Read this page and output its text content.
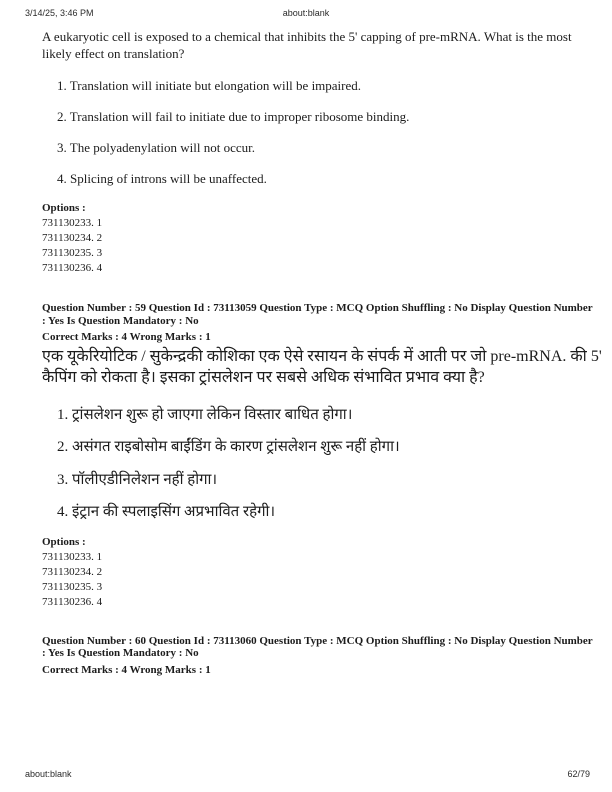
3/14/25, 3:46 PM	about:blank
A eukaryotic cell is exposed to a chemical that inhibits the 5' capping of pre-mRNA. What is the most likely effect on translation?
1. Translation will initiate but elongation will be impaired.
2. Translation will fail to initiate due to improper ribosome binding.
3. The polyadenylation will not occur.
4. Splicing of introns will be unaffected.
Options :
731130233. 1
731130234. 2
731130235. 3
731130236. 4
Question Number : 59 Question Id : 73113059 Question Type : MCQ Option Shuffling : No Display Question Number : Yes Is Question Mandatory : No
Correct Marks : 4 Wrong Marks : 1
एक यूकेरियोटिक / सुकेन्द्रकी कोशिका एक ऐसे रसायन के संपर्क में आती पर जो pre-mRNA. की 5' कैपिंग को रोकता है। इसका ट्रांसलेशन पर सबसे अधिक संभावित प्रभाव क्या है?
1. ट्रांसलेशन शुरू हो जाएगा लेकिन विस्तार बाधित होगा।
2. असंगत राइबोसोम बाईंडिंग के कारण ट्रांसलेशन शुरू नहीं होगा।
3. पॉलीएडीनिलेशन नहीं होगा।
4. इंट्रान की स्पलाइसिंग अप्रभावित रहेगी।
Options :
731130233. 1
731130234. 2
731130235. 3
731130236. 4
Question Number : 60 Question Id : 73113060 Question Type : MCQ Option Shuffling : No Display Question Number : Yes Is Question Mandatory : No
Correct Marks : 4 Wrong Marks : 1
about:blank	62/79
